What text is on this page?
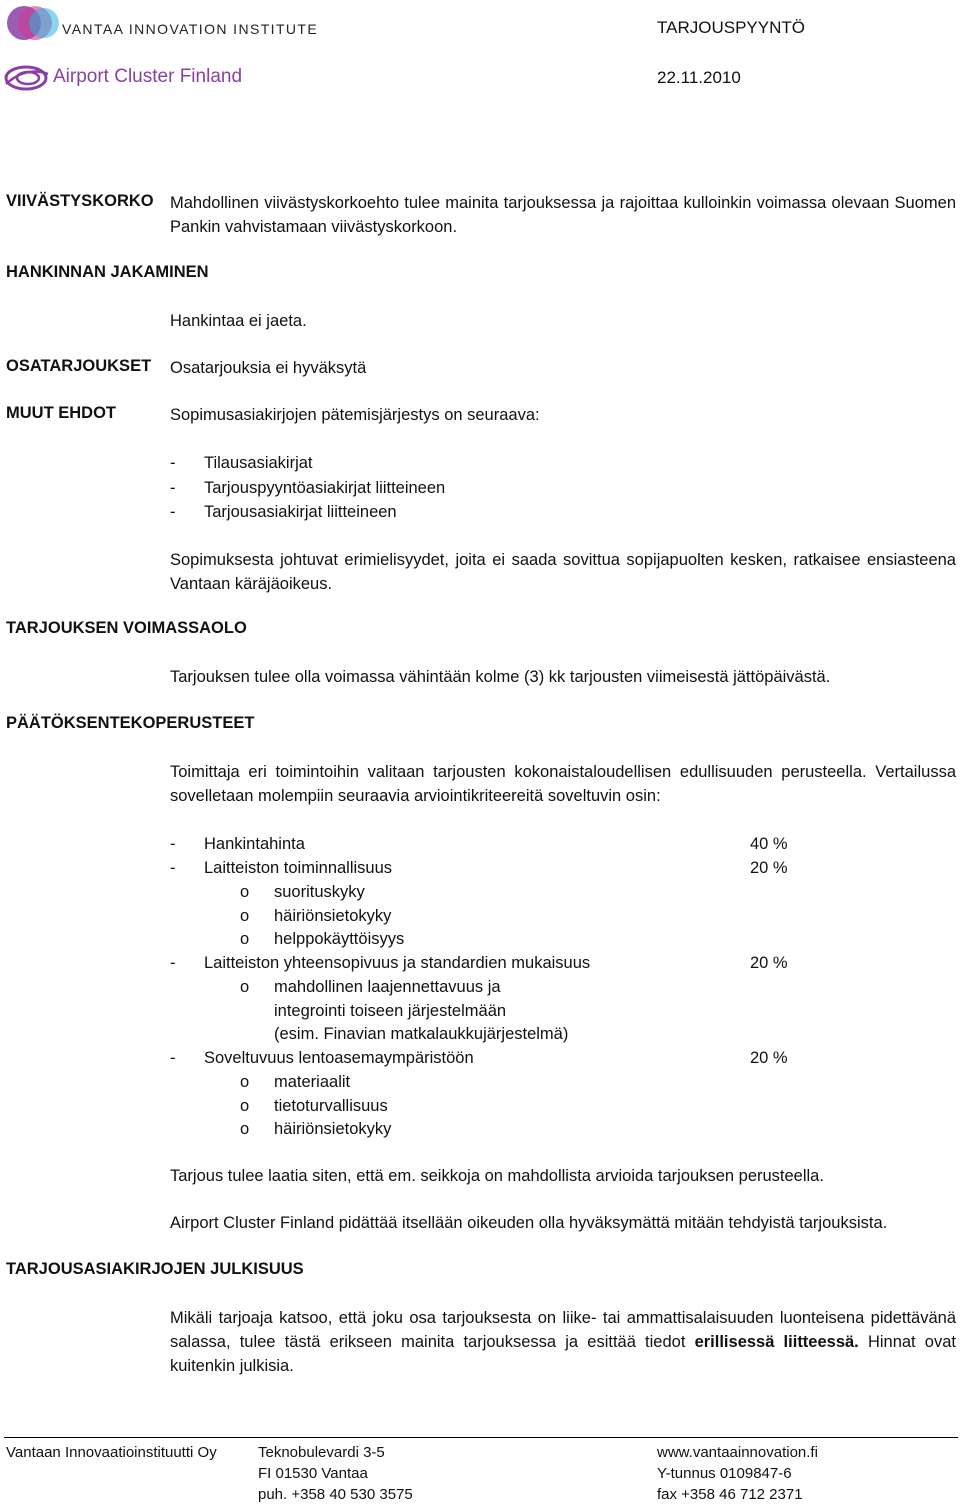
VANTAA INNOVATION INSTITUTE
Airport Cluster Finland
TARJOUSPYYNTÖ
22.11.2010
VIIVÄSTYSKORKO Mahdollinen viivästyskorkoehto tulee mainita tarjouksessa ja rajoittaa kulloinkin voimassa olevaan Suomen Pankin vahvistamaan viivästyskorkoon.
HANKINNAN JAKAMINEN
Hankintaa ei jaeta.
OSATARJOUKSET Osatarjouksia ei hyväksytä
MUUT EHDOT	Sopimusasiakirjojen pätemisjärjestys on seuraava:
- Tilausasiakirjat
- Tarjouspyyntöasiakirjat liitteineen
- Tarjousasiakirjat liitteineen
Sopimuksesta johtuvat erimielisyydet, joita ei saada sovittua sopijapuolten kesken, ratkaisee ensiasteena Vantaan käräjäoikeus.
TARJOUKSEN VOIMASSAOLO
Tarjouksen tulee olla voimassa vähintään kolme (3) kk tarjousten viimeisestä jättöpäivästä.
PÄÄTÖKSENTEKOPERUSTEET
Toimittaja eri toimintoihin valitaan tarjousten kokonaistaloudellisen edullisuuden perusteella. Vertailussa sovelletaan molempiin seuraavia arviointikriteereitä soveltuvin osin:
- Hankintahinta	40 %
- Laitteiston toiminnallisuus	20 %
o suorituskyky
o häiriönsietokyky
o helppokäyttöisyys
- Laitteiston yhteensopivuus ja standardien mukaisuus	20 %
o mahdollinen laajennettavuus ja
integrointi toiseen järjestelmään
(esim. Finavian matkalaukkujärjestelmä)
- Soveltuvuus lentoasemaympäristöön	20 %
o materiaalit
o tietoturvallisuus
o häiriönsietokyky
Tarjous tulee laatia siten, että em. seikkoja on mahdollista arvioida tarjouksen perusteella.
Airport Cluster Finland pidättää itsellään oikeuden olla hyväksymättä mitään tehdyistä tarjouksista.
TARJOUSASIAKIRJOJEN JULKISUUS
Mikäli tarjoaja katsoo, että joku osa tarjouksesta on liike- tai ammattisalaisuuden luonteisena pidettävänä salassa, tulee tästä erikseen mainita tarjouksessa ja esittää tiedot erillisessä liitteessä. Hinnat ovat kuitenkin julkisia.
Vantaan Innovaatioinstituutti Oy	Teknobulevardi 3-5
FI 01530 Vantaa
puh. +358 40 530 3575
www.vantaainnovation.fi
Y-tunnus 0109847-6
fax +358 46 712 2371
